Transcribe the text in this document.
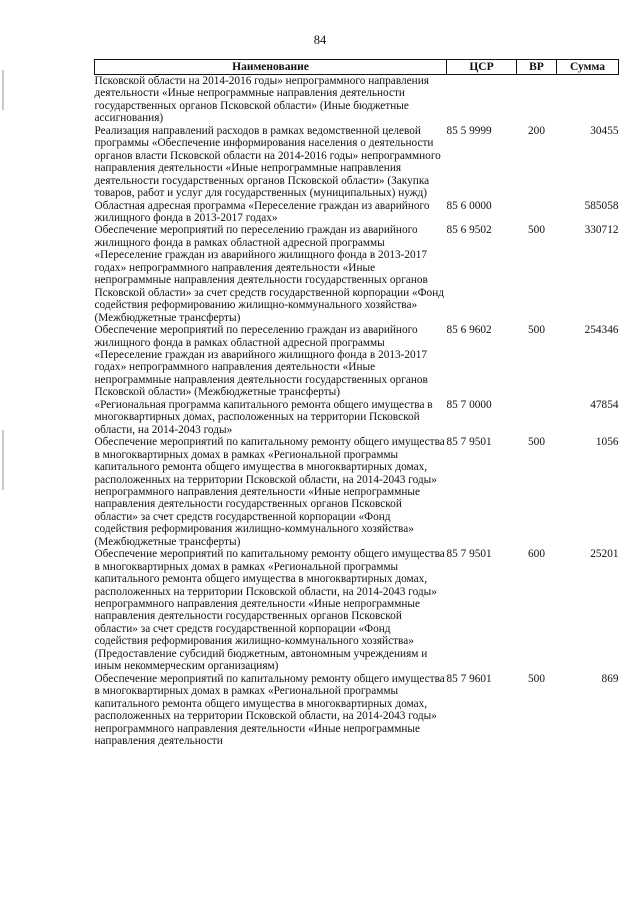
84
Наименование	ЦСР	ВР	Сумма
Псковской области на 2014-2016 годы» непрограммного направления деятельности «Иные непрограммные направления деятельности государственных органов Псковской области» (Иные бюджетные ассигнования)			
Реализация направлений расходов в рамках ведомственной целевой программы «Обеспечение информирования населения о деятельности органов власти Псковской области на 2014-2016 годы» непрограммного направления деятельности «Иные непрограммные направления деятельности государственных органов Псковской области» (Закупка товаров, работ и услуг для государственных (муниципальных) нужд)	85 5 9999	200	30455
Областная адресная программа «Переселение граждан из аварийного жилищного фонда в 2013-2017 годах»	85 6 0000		585058
Обеспечение мероприятий по переселению граждан из аварийного жилищного фонда в рамках областной адресной программы «Переселение граждан из аварийного жилищного фонда в 2013-2017 годах» непрограммного направления деятельности «Иные непрограммные направления деятельности государственных органов Псковской области» за счет средств государственной корпорации «Фонд содействия реформированию жилищно-коммунального хозяйства» (Межбюджетные трансферты)	85 6 9502	500	330712
Обеспечение мероприятий по переселению граждан из аварийного жилищного фонда в рамках областной адресной программы «Переселение граждан из аварийного жилищного фонда в 2013-2017 годах» непрограммного направления деятельности «Иные непрограммные направления деятельности государственных органов Псковской области» (Межбюджетные трансферты)	85 6 9602	500	254346
«Региональная программа капитального ремонта общего имущества в многоквартирных домах, расположенных на территории Псковской области, на 2014-2043 годы»	85 7 0000		47854
Обеспечение мероприятий по капитальному ремонту общего имущества в многоквартирных домах в рамках «Региональной программы капитального ремонта общего имущества в многоквартирных домах, расположенных на территории Псковской области, на 2014-2043 годы» непрограммного направления деятельности «Иные непрограммные направления деятельности государственных органов Псковской области» за счет средств государственной корпорации «Фонд содействия реформирования жилищно-коммунального хозяйства» (Межбюджетные трансферты)	85 7 9501	500	1056
Обеспечение мероприятий по капитальному ремонту общего имущества в многоквартирных домах в рамках «Региональной программы капитального ремонта общего имущества в многоквартирных домах, расположенных на территории Псковской области, на 2014-2043 годы» непрограммного направления деятельности «Иные непрограммные направления деятельности государственных органов Псковской области» за счет средств государственной корпорации «Фонд содействия реформирования жилищно-коммунального хозяйства» (Предоставление субсидий бюджетным, автономным учреждениям и иным некоммерческим организациям)	85 7 9501	600	25201
Обеспечение мероприятий по капитальному ремонту общего имущества в многоквартирных домах в рамках «Региональной программы капитального ремонта общего имущества в многоквартирных домах, расположенных на территории Псковской области, на 2014-2043 годы» непрограммного направления деятельности «Иные непрограммные направления деятельности	85 7 9601	500	869
